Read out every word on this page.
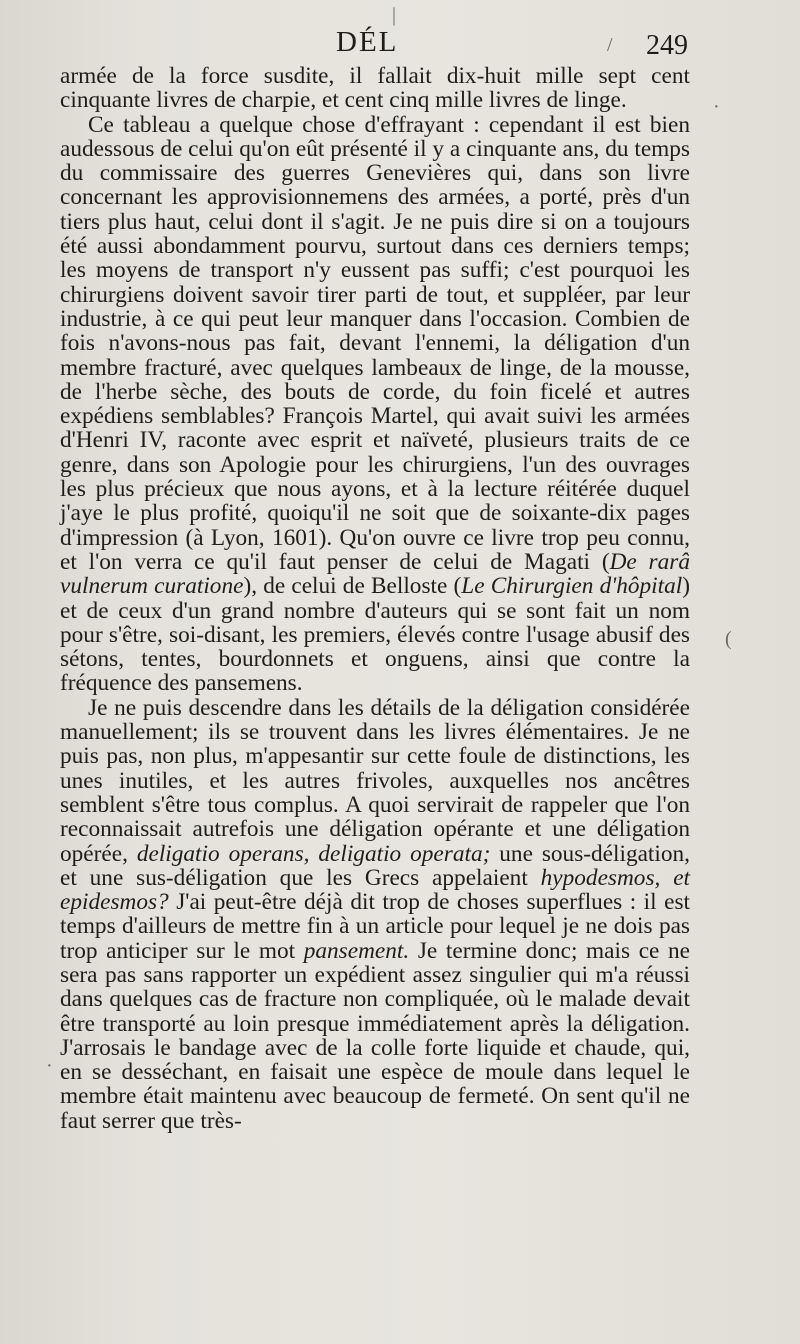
DÉL	249

armée de la force susdite, il fallait dix-huit mille sept cent cinquante livres de charpie, et cent cinq mille livres de linge.

Ce tableau a quelque chose d'effrayant : cependant il est bien audessous de celui qu'on eût présenté il y a cinquante ans, du temps du commissaire des guerres Genevières qui, dans son livre concernant les approvisionnemens des armées, a porté, près d'un tiers plus haut, celui dont il s'agit. Je ne puis dire si on a toujours été aussi abondamment pourvu, surtout dans ces derniers temps; les moyens de transport n'y eussent pas suffi; c'est pourquoi les chirurgiens doivent savoir tirer parti de tout, et suppléer, par leur industrie, à ce qui peut leur manquer dans l'occasion. Combien de fois n'avons-nous pas fait, devant l'ennemi, la déligation d'un membre fracturé, avec quelques lambeaux de linge, de la mousse, de l'herbe sèche, des bouts de corde, du foin ficelé et autres expédiens semblables? François Martel, qui avait suivi les armées d'Henri IV, raconte avec esprit et naïveté, plusieurs traits de ce genre, dans son Apologie pour les chirurgiens, l'un des ouvrages les plus précieux que nous ayons, et à la lecture réitérée duquel j'aye le plus profité, quoiqu'il ne soit que de soixante-dix pages d'impression (à Lyon, 1601). Qu'on ouvre ce livre trop peu connu, et l'on verra ce qu'il faut penser de celui de Magati (De rarâ vulnerum curatione), de celui de Belloste (Le Chirurgien d'hôpital) et de ceux d'un grand nombre d'auteurs qui se sont fait un nom pour s'être, soi-disant, les premiers, élevés contre l'usage abusif des sétons, tentes, bourdonnets et onguens, ainsi que contre la fréquence des pansemens.

Je ne puis descendre dans les détails de la déligation considérée manuellement; ils se trouvent dans les livres élémentaires. Je ne puis pas, non plus, m'appesantir sur cette foule de distinctions, les unes inutiles, et les autres frivoles, auxquelles nos ancêtres semblent s'être tous complus. A quoi servirait de rappeler que l'on reconnaissait autrefois une déligation opérante et une déligation opérée, deligatio operans, deligatio operata; une sous-déligation, et une sus-déligation que les Grecs appelaient hypodesmos, et epidesmos? J'ai peut-être déjà dit trop de choses superflues : il est temps d'ailleurs de mettre fin à un article pour lequel je ne dois pas trop anticiper sur le mot pansement. Je termine donc; mais ce ne sera pas sans rapporter un expédient assez singulier qui m'a réussi dans quelques cas de fracture non compliquée, où le malade devait être transporté au loin presque immédiatement après la déligation. J'arrosais le bandage avec de la colle forte liquide et chaude, qui, en se desséchant, en faisait une espèce de moule dans lequel le membre était maintenu avec beaucoup de fermeté. On sent qu'il ne faut serrer que très-

·
(
·
/
|
